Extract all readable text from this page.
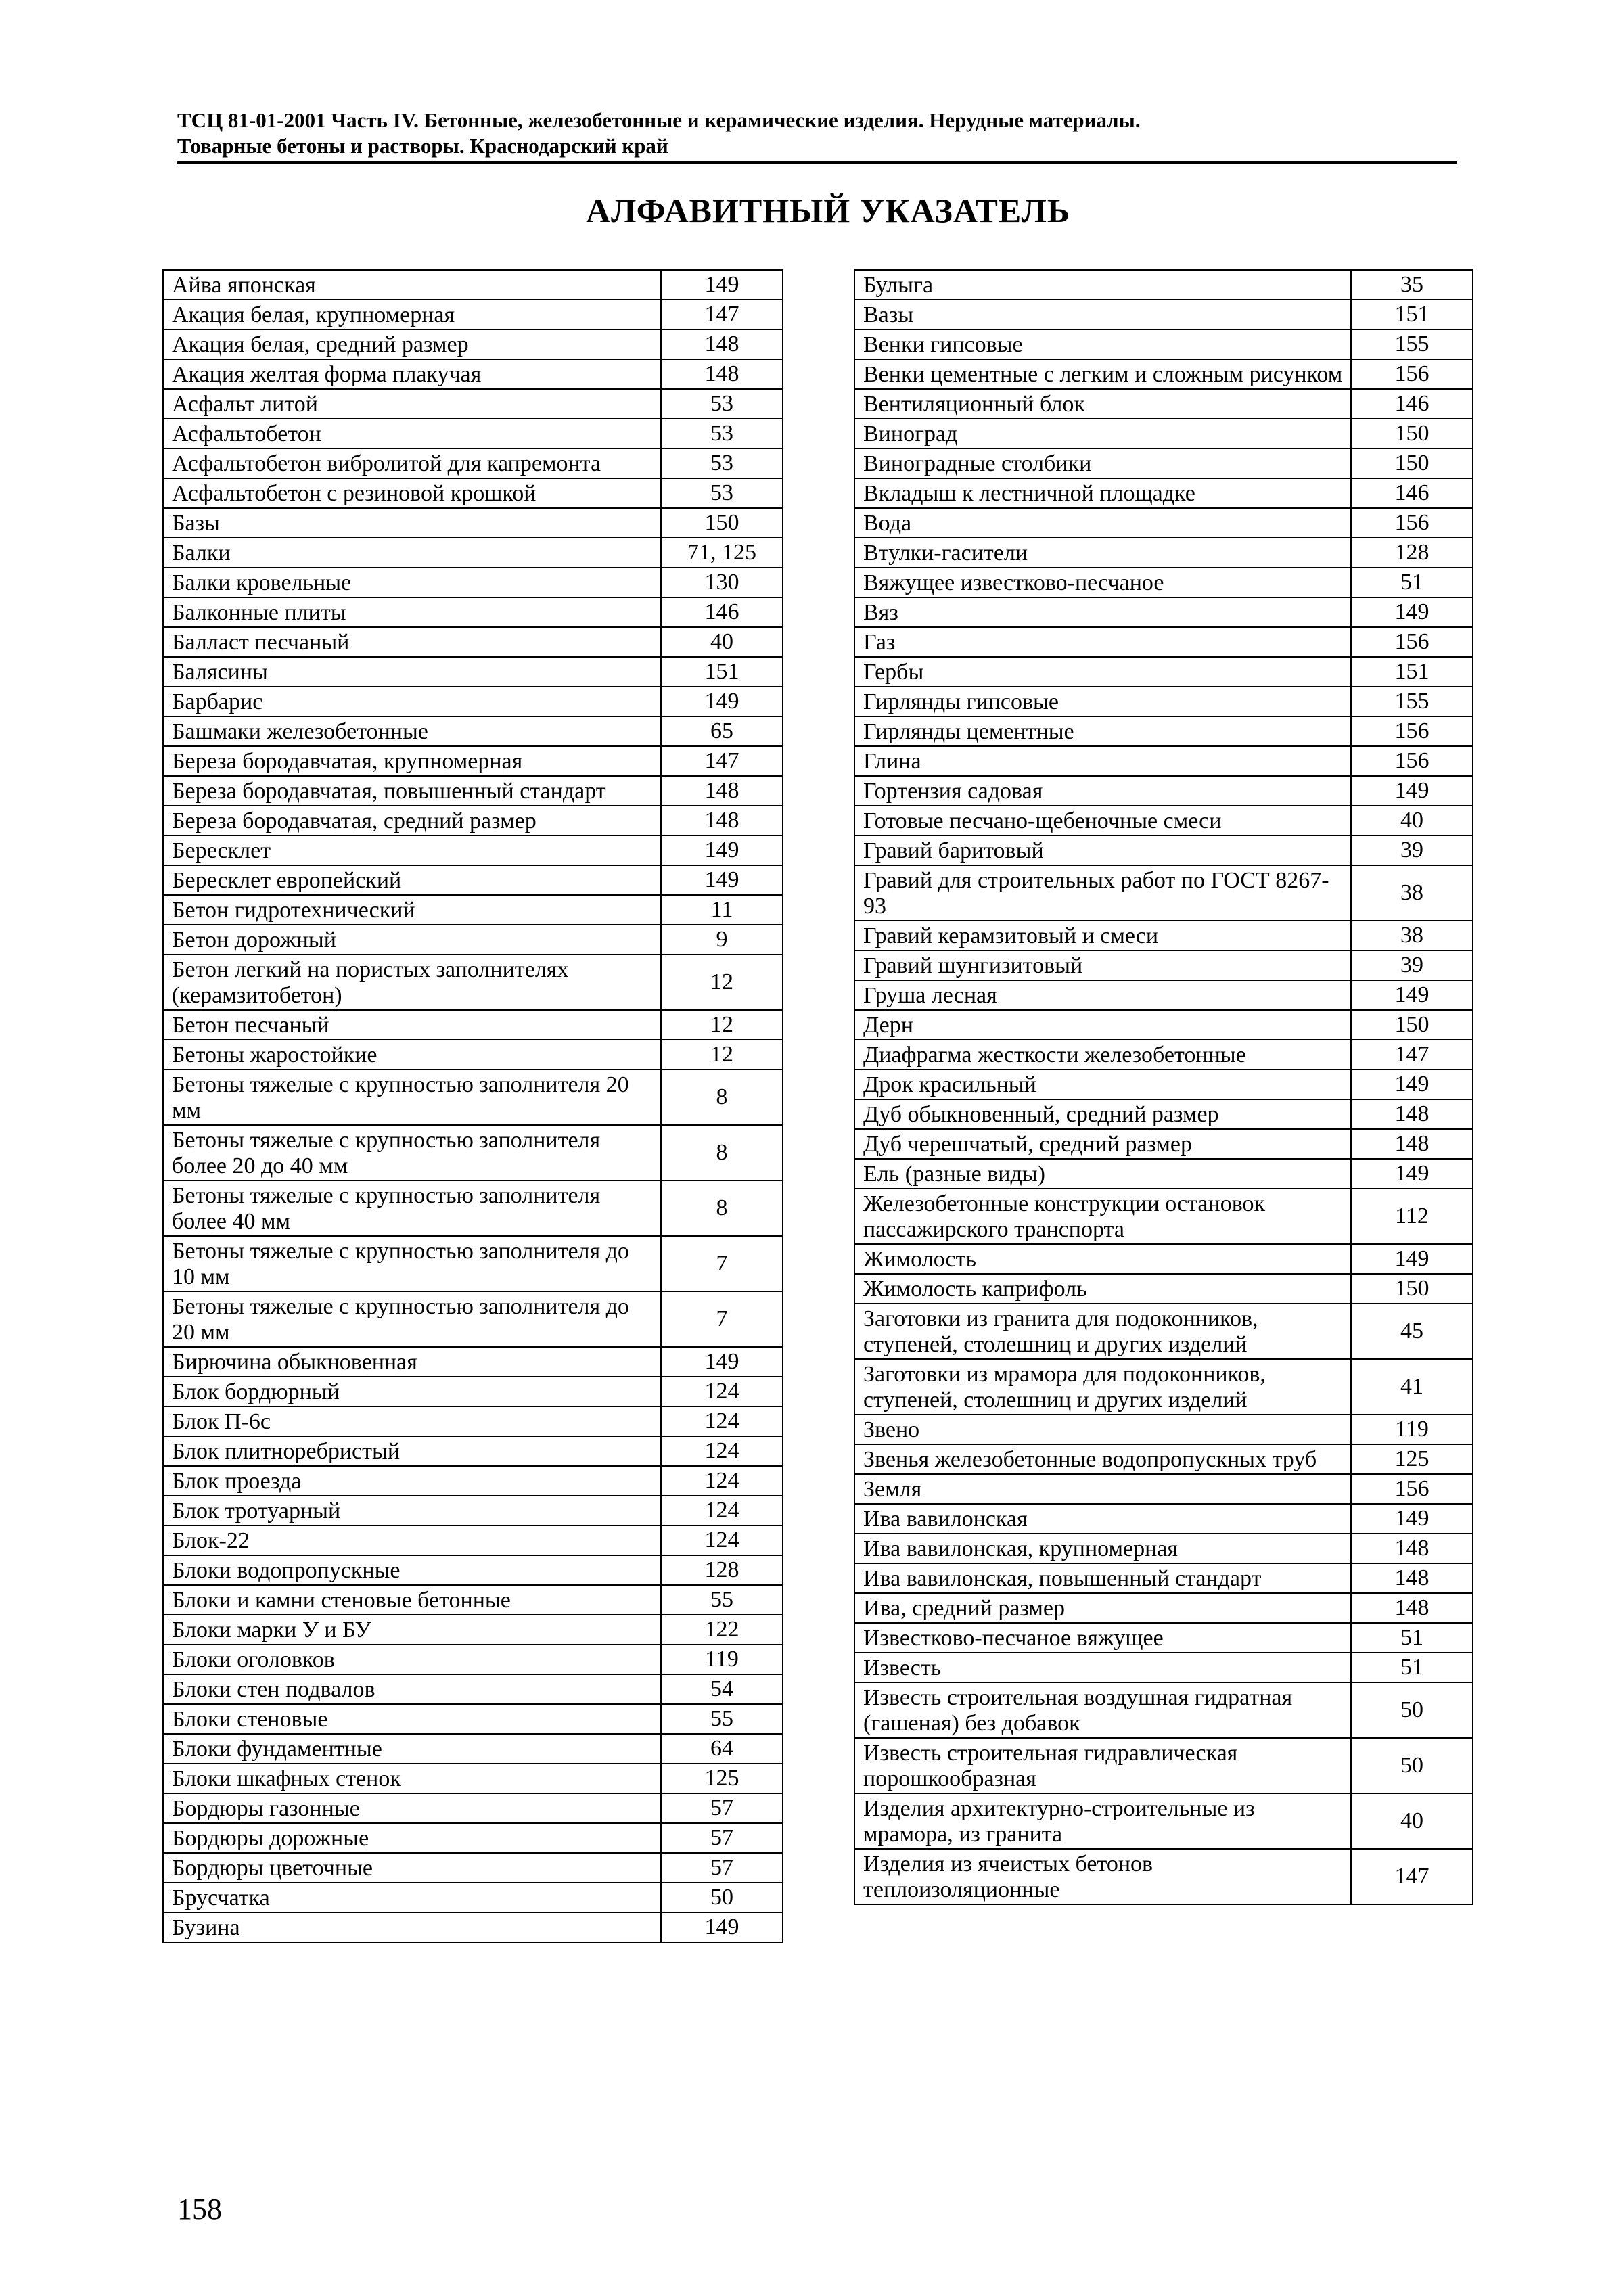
ТСЦ 81-01-2001 Часть IV. Бетонные, железобетонные и керамические изделия. Нерудные материалы.
Товарные бетоны и растворы. Краснодарский край
АЛФАВИТНЫЙ УКАЗАТЕЛЬ
Айва японская	149
Акация белая, крупномерная	147
Акация белая, средний размер	148
Акация желтая форма плакучая	148
Асфальт литой	53
Асфальтобетон	53
Асфальтобетон вибролитой для капремонта	53
Асфальтобетон с резиновой крошкой	53
Базы	150
Балки	71, 125
Балки кровельные	130
Балконные плиты	146
Балласт песчаный	40
Балясины	151
Барбарис	149
Башмаки железобетонные	65
Береза бородавчатая, крупномерная	147
Береза бородавчатая, повышенный стандарт	148
Береза бородавчатая, средний размер	148
Бересклет	149
Бересклет европейский	149
Бетон гидротехнический	11
Бетон дорожный	9
Бетон легкий на пористых заполнителях (керамзитобетон)	12
Бетон песчаный	12
Бетоны жаростойкие	12
Бетоны тяжелые с крупностью заполнителя 20 мм	8
Бетоны тяжелые с крупностью заполнителя более 20 до 40 мм	8
Бетоны тяжелые с крупностью заполнителя более 40 мм	8
Бетоны тяжелые с крупностью заполнителя до 10 мм	7
Бетоны тяжелые с крупностью заполнителя до 20 мм	7
Бирючина обыкновенная	149
Блок бордюрный	124
Блок П-6с	124
Блок плитноребристый	124
Блок проезда	124
Блок тротуарный	124
Блок-22	124
Блоки водопропускные	128
Блоки и камни стеновые бетонные	55
Блоки марки У и БУ	122
Блоки оголовков	119
Блоки стен подвалов	54
Блоки стеновые	55
Блоки фундаментные	64
Блоки шкафных стенок	125
Бордюры газонные	57
Бордюры дорожные	57
Бордюры цветочные	57
Брусчатка	50
Бузина	149
Булыга	35
Вазы	151
Венки гипсовые	155
Венки цементные с легким и сложным рисунком	156
Вентиляционный блок	146
Виноград	150
Виноградные столбики	150
Вкладыш к лестничной площадке	146
Вода	156
Втулки-гасители	128
Вяжущее известково-песчаное	51
Вяз	149
Газ	156
Гербы	151
Гирлянды гипсовые	155
Гирлянды цементные	156
Глина	156
Гортензия садовая	149
Готовые песчано-щебеночные смеси	40
Гравий баритовый	39
Гравий для строительных работ по ГОСТ 8267-93	38
Гравий керамзитовый и смеси	38
Гравий шунгизитовый	39
Груша лесная	149
Дерн	150
Диафрагма жесткости железобетонные	147
Дрок красильный	149
Дуб обыкновенный, средний размер	148
Дуб черешчатый, средний размер	148
Ель (разные виды)	149
Железобетонные конструкции остановок пассажирского транспорта	112
Жимолость	149
Жимолость каприфоль	150
Заготовки из гранита для подоконников, ступеней, столешниц и других изделий	45
Заготовки из мрамора для подоконников, ступеней, столешниц и других изделий	41
Звено	119
Звенья железобетонные водопропускных труб	125
Земля	156
Ива вавилонская	149
Ива вавилонская, крупномерная	148
Ива вавилонская, повышенный стандарт	148
Ива, средний размер	148
Известково-песчаное вяжущее	51
Известь	51
Известь строительная воздушная гидратная (гашеная) без добавок	50
Известь строительная гидравлическая порошкообразная	50
Изделия архитектурно-строительные из мрамора, из гранита	40
Изделия из ячеистых бетонов теплоизоляционные	147
158
